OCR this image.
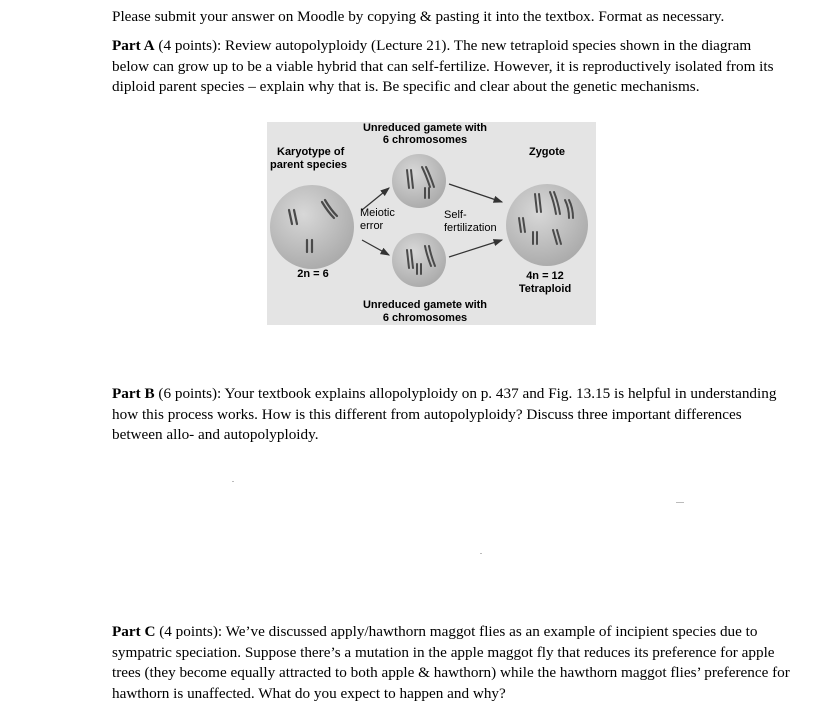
Please submit your answer on Moodle by copying & pasting it into the textbox. Format as necessary.

Part A (4 points): Review autopolyploidy (Lecture 21). The new tetraploid species shown in the diagram below can grow up to be a viable hybrid that can self-fertilize. However, it is reproductively isolated from its diploid parent species – explain why that is. Be specific and clear about the genetic mechanisms.

Unreduced gamete with
6 chromosomes
Karyotype of
parent species
Zygote
Meiotic
error
Self-
fertilization
2n = 6	4n = 12
Tetraploid
Unreduced gamete with
6 chromosomes

Part B (6 points): Your textbook explains allopolyploidy on p. 437 and Fig. 13.15 is helpful in understanding how this process works. How is this different from autopolyploidy? Discuss three important differences between allo- and autopolyploidy.

Part C (4 points): We’ve discussed apply/hawthorn maggot flies as an example of incipient species due to sympatric speciation. Suppose there’s a mutation in the apple maggot fly that reduces its preference for apple trees (they become equally attracted to both apple & hawthorn) while the hawthorn maggot flies’ preference for hawthorn is unaffected. What do you expect to happen and why?
